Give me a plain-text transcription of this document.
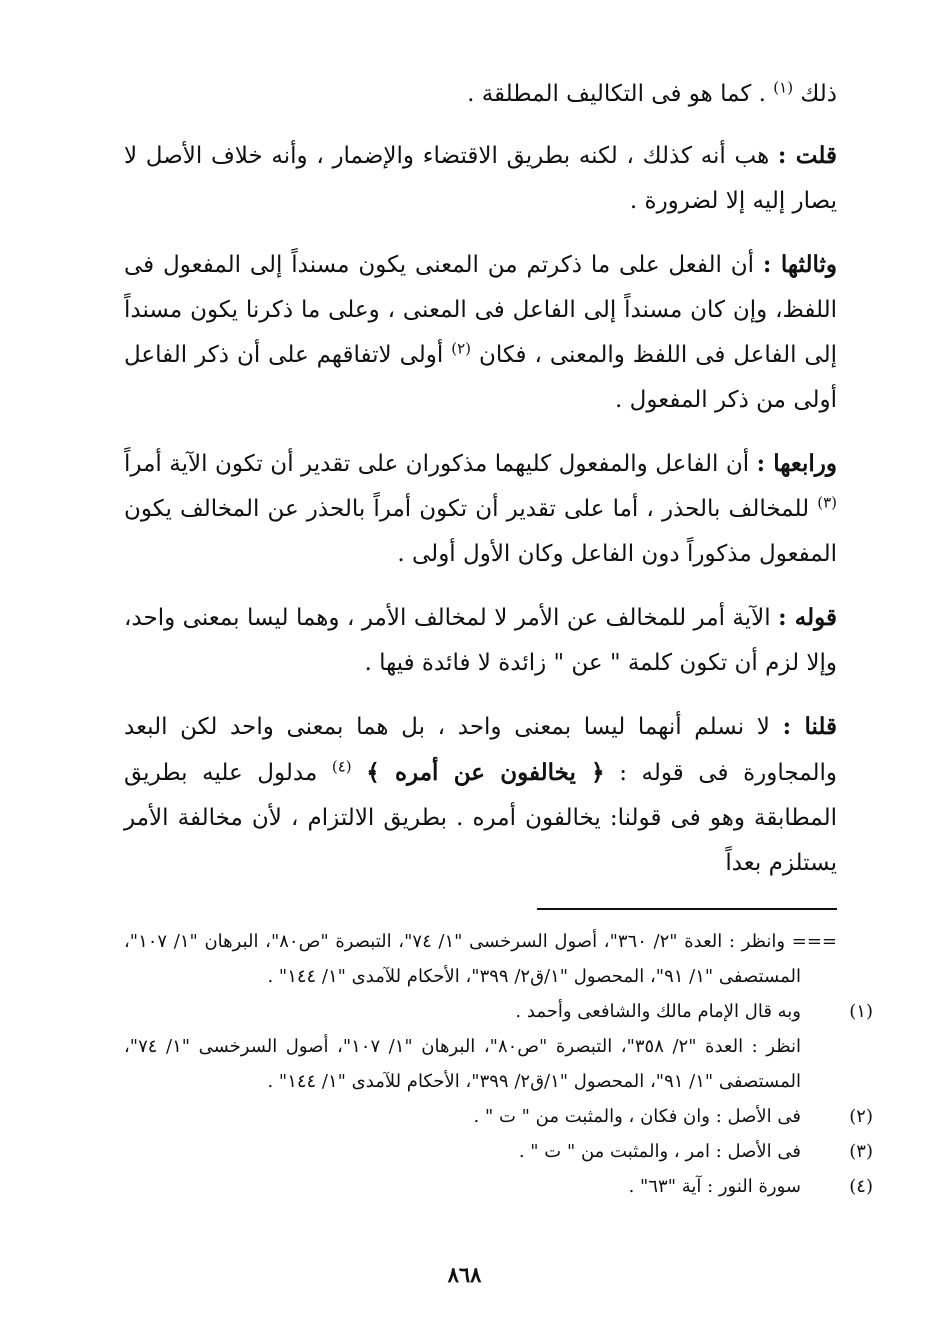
ذلك $^{(١)}$ . كما هو فى التكاليف المطلقة .

قلت : هب أنه كذلك ، لكنه بطريق الاقتضاء والإضمار ، وأنه خلاف الأصل لا يصار إليه إلا لضرورة .

وثالثها : أن الفعل على ما ذكرتم من المعنى يكون مسنداً إلى المفعول فى اللفظ، وإن كان مسنداً إلى الفاعل فى المعنى ، وعلى ما ذكرنا يكون مسنداً إلى الفاعل فى اللفظ والمعنى ، فكان $^{(٢)}$ أولى لاتفاقهم على أن ذكر الفاعل أولى من ذكر المفعول .

ورابعها : أن الفاعل والمفعول كليهما مذكوران على تقدير أن تكون الآية أمراً $^{(٣)}$ للمخالف بالحذر ، أما على تقدير أن تكون أمراً بالحذر عن المخالف يكون المفعول مذكوراً دون الفاعل وكان الأول أولى .

قوله : الآية أمر للمخالف عن الأمر لا لمخالف الأمر ، وهما ليسا بمعنى واحد، وإلا لزم أن تكون كلمة " عن " زائدة لا فائدة فيها .

قلنا : لا نسلم أنهما ليسا بمعنى واحد ، بل هما بمعنى واحد لكن البعد والمجاورة فى قوله : ﴿ يخالفون عن أمره ﴾ $^{(٤)}$ مدلول عليه بطريق المطابقة وهو فى قولنا: يخالفون أمره . بطريق الالتزام ، لأن مخالفة الأمر يستلزم بعداً

=== وانظر : العدة "٢/ ٣٦٠"، أصول السرخسى "١/ ٧٤"، التبصرة "ص٨٠"، البرهان "١/ ١٠٧"، المستصفى "١/ ٩١"، المحصول "١/ق٢/ ٣٩٩"، الأحكام للآمدى "١/ ١٤٤" .

(١)وبه قال الإمام مالك والشافعى وأحمد .

انظر : العدة "٢/ ٣٥٨"، التبصرة "ص٨٠"، البرهان "١/ ١٠٧"، أصول السرخسى "١/ ٧٤"، المستصفى "١/ ٩١"، المحصول "١/ق٢/ ٣٩٩"، الأحكام للآمدى "١/ ١٤٤" .

(٢)فى الأصل : وان فكان ، والمثبت من " ت " .

(٣)فى الأصل : امر ، والمثبت من " ت " .

(٤)سورة النور : آية "٦٣" .

٨٦٨
